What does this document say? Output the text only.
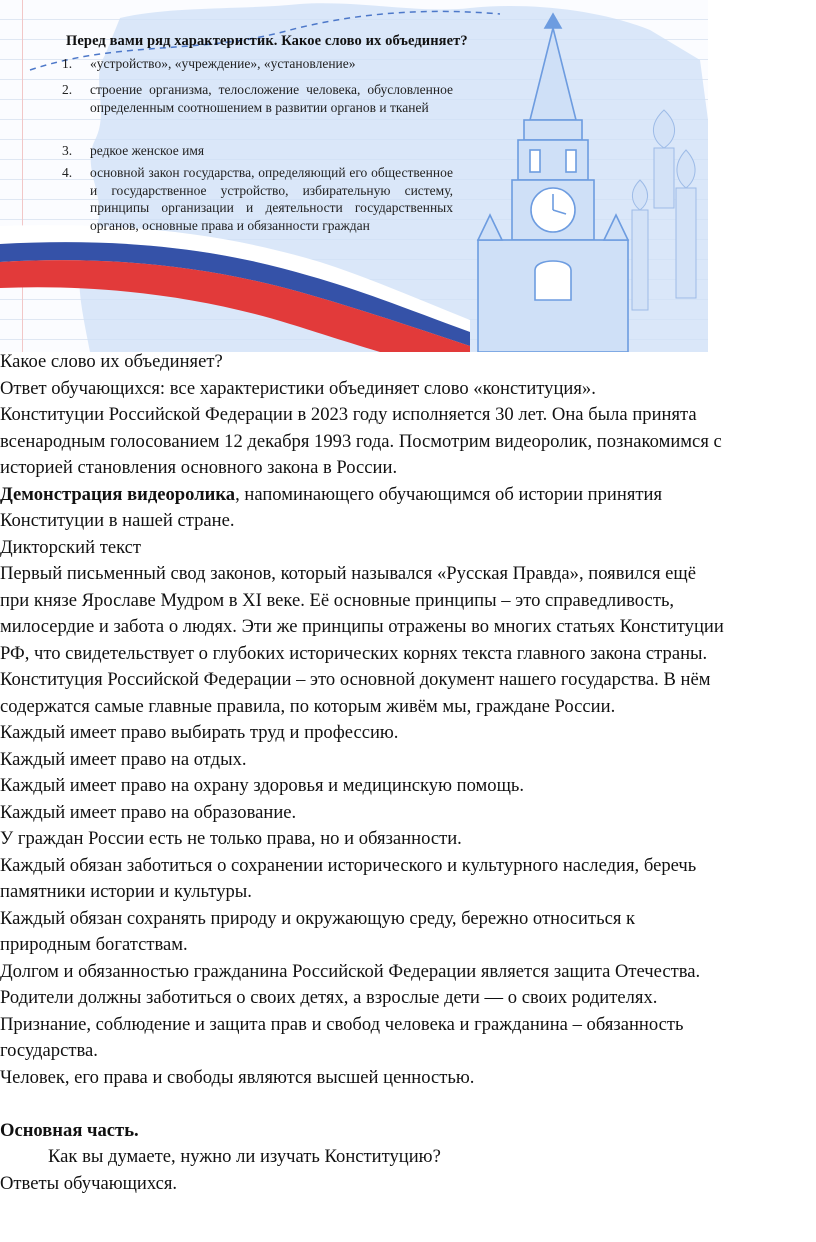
Перед вами ряд характеристик. Какое слово их объединяет?
1. «устройство», «учреждение», «установление»
2. строение организма, телосложение человека, обусловленное определенным соотношением в развитии органов и тканей
3. редкое женское имя
4. основной закон государства, определяющий его общественное и государственное устройство, избирательную систему, принципы организации и деятельности государственных органов, основные права и обязанности граждан
Какое слово их объединяет?
Ответ обучающихся: все характеристики объединяет слово «конституция».
Конституции Российской Федерации в 2023 году исполняется 30 лет. Она была принята
всенародным голосованием 12 декабря 1993 года. Посмотрим видеоролик, познакомимся с
историей становления основного закона в России.
Демонстрация видеоролика, напоминающего обучающимся об истории принятия
Конституции в нашей стране.
Дикторский текст
Первый письменный свод законов, который назывался «Русская Правда», появился ещё
при князе Ярославе Мудром в XI веке. Её основные принципы – это справедливость,
милосердие и забота о людях. Эти же принципы отражены во многих статьях Конституции
РФ, что свидетельствует о глубоких исторических корнях текста главного закона страны.
Конституция Российской Федерации – это основной документ нашего государства. В нём
содержатся самые главные правила, по которым живём мы, граждане России.
Каждый имеет право выбирать труд и профессию.
Каждый имеет право на отдых.
Каждый имеет право на охрану здоровья и медицинскую помощь.
Каждый имеет право на образование.
У граждан России есть не только права, но и обязанности.
Каждый обязан заботиться о сохранении исторического и культурного наследия, беречь
памятники истории и культуры.
Каждый обязан сохранять природу и окружающую среду, бережно относиться к
природным богатствам.
Долгом и обязанностью гражданина Российской Федерации является защита Отечества.
Родители должны заботиться о своих детях, а взрослые дети — о своих родителях.
Признание, соблюдение и защита прав и свобод человека и гражданина – обязанность
государства.
Человек, его права и свободы являются высшей ценностью.
Основная часть.
Как вы думаете, нужно ли изучать Конституцию?
Ответы обучающихся.
